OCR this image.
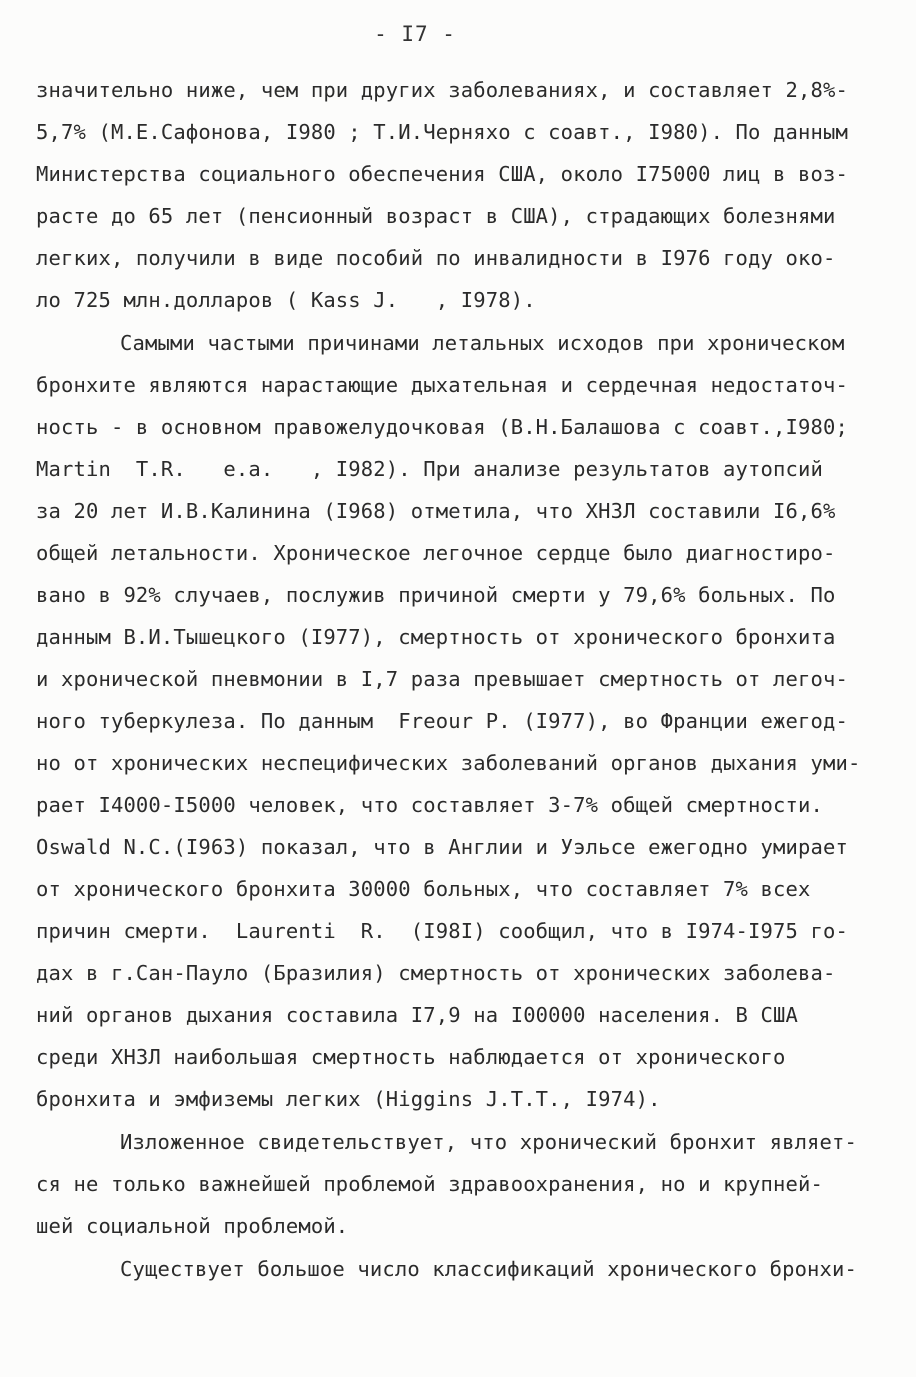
- I7 -
значительно ниже, чем при других заболеваниях, и составляет 2,8%-
5,7% (М.Е.Сафонова, I980 ; Т.И.Черняхо с соавт., I980). По данным
Министерства социального обеспечения США, около I75000 лиц в воз-
расте до 65 лет (пенсионный возраст в США), страдающих болезнями
легких, получили в виде пособий по инвалидности в I976 году око-
ло 725 млн.долларов ( Kass J.   , I978).
Самыми частыми причинами летальных исходов при хроническом
бронхите являются нарастающие дыхательная и сердечная недостаточ-
ность - в основном правожелудочковая (В.Н.Балашова с соавт.,I980;
Martin  T.R.   e.a.   , I982). При анализе результатов аутопсий
за 20 лет И.В.Калинина (I968) отметила, что ХНЗЛ составили I6,6%
общей летальности. Хроническое легочное сердце было диагностиро-
вано в 92% случаев, послужив причиной смерти у 79,6% больных. По
данным В.И.Тышецкого (I977), смертность от хронического бронхита
и хронической пневмонии в I,7 раза превышает смертность от легоч-
ного туберкулеза. По данным  Freour P. (I977), во Франции ежегод-
но от хронических неспецифических заболеваний органов дыхания уми-
рает I4000-I5000 человек, что составляет 3-7% общей смертности.
Oswald N.C.(I963) показал, что в Англии и Уэльсе ежегодно умирает
от хронического бронхита 30000 больных, что составляет 7% всех
причин смерти.  Laurenti  R.  (I98I) сообщил, что в I974-I975 го-
дах в г.Сан-Пауло (Бразилия) смертность от хронических заболева-
ний органов дыхания составила I7,9 на I00000 населения. В США
среди ХНЗЛ наибольшая смертность наблюдается от хронического
бронхита и эмфиземы легких (Higgins J.T.T., I974).
Изложенное свидетельствует, что хронический бронхит являет-
ся не только важнейшей проблемой здравоохранения, но и крупней-
шей социальной проблемой.
Существует большое число классификаций хронического бронхи-
